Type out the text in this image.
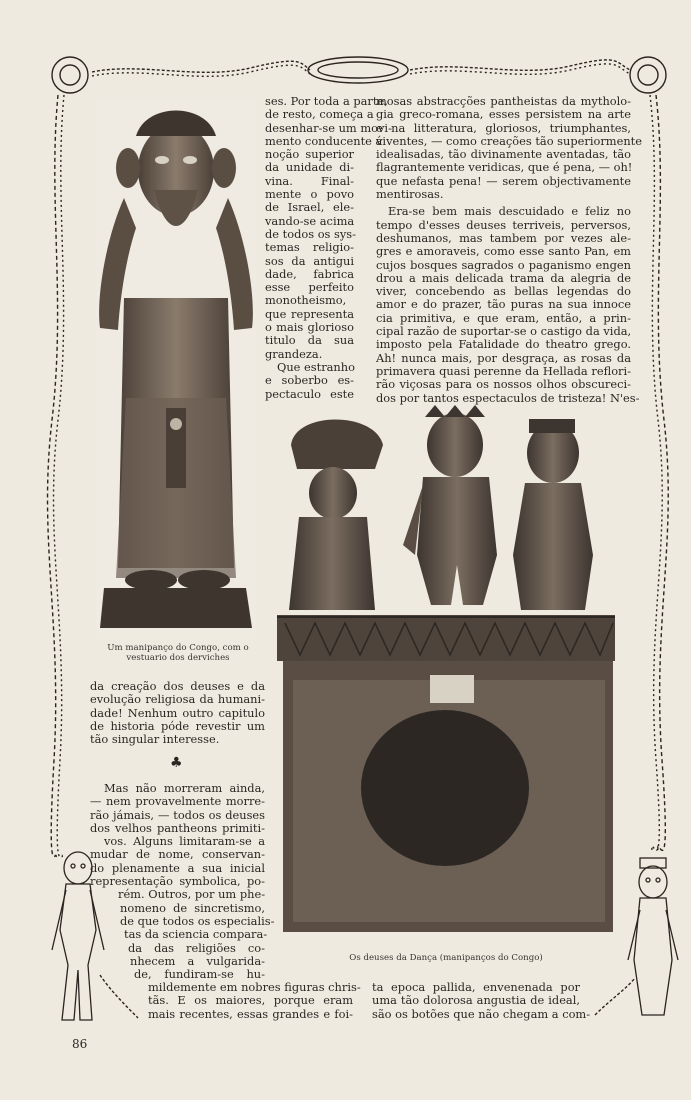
Um manipanço do Congo, com o vestuario dos derviches
ses. Por toda a parte,
de resto, começa a
desenhar-se um movi-
mento conducente á
noção superior
da unidade di-
vina. Final-
mente o povo
de Israel, ele-
vando-se acima
de todos os sys-
temas religio-
sos da antigui
dade, fabrica
esse perfeito
monotheismo,
que representa
o mais glorioso
titulo da sua
grandeza.
Que estranho
e soberbo es-
pectaculo este
mosas abstracções pantheistas da mytholo-
gia greco-romana, esses persistem na arte
e na litteratura, gloriosos, triumphantes,
viventes, — como creações tão superiormente
idealisadas, tão divinamente aventadas, tão
flagrantemente veridicas, que é pena, — oh!
que nefasta pena! — serem objectivamente
mentirosas.
Era-se bem mais descuidado e feliz no
tempo d'esses deuses terriveis, perversos,
deshumanos, mas tambem por vezes ale-
gres e amoraveis, como esse santo Pan, em
cujos bosques sagrados o paganismo engen
drou a mais delicada trama da alegria de
viver, concebendo as bellas legendas do
amor e do prazer, tão puras na sua innoce
cia primitiva, e que eram, então, a prin-
cipal razão de suportar-se o castigo da vida,
imposto pela Fatalidade do theatro grego.
Ah! nunca mais, por desgraça, as rosas da
primavera quasi perenne da Hellada reflori-
rão viçosas para os nossos olhos obscureci-
dos por tantos espectaculos de tristeza! N'es-
Os deuses da Dança (manipanços do Congo)
da creação dos deuses e da
evolução religiosa da humani-
dade! Nenhum outro capitulo
de historia póde revestir um
tão singular interesse.
♣
Mas não morreram ainda,
— nem provavelmente morre-
rão jámais, — todos os deuses
dos velhos pantheons primiti-
vos. Alguns limitaram-se a
mudar de nome, conservan-
do plenamente a sua inicial
representação symbolica, po-
rém. Outros, por um phe-
nomeno de sincretismo,
de que todos os especialis-
tas da sciencia compara-
da das religiões co-
nhecem a vulgarida-
de, fundiram-se hu-
mildemente em nobres figuras chris-
tãs. E os maiores, porque eram
mais recentes, essas grandes e foi-
ta epoca pallida, envenenada por
uma tão dolorosa angustia de ideal,
são os botões que não chegam a com-
86
